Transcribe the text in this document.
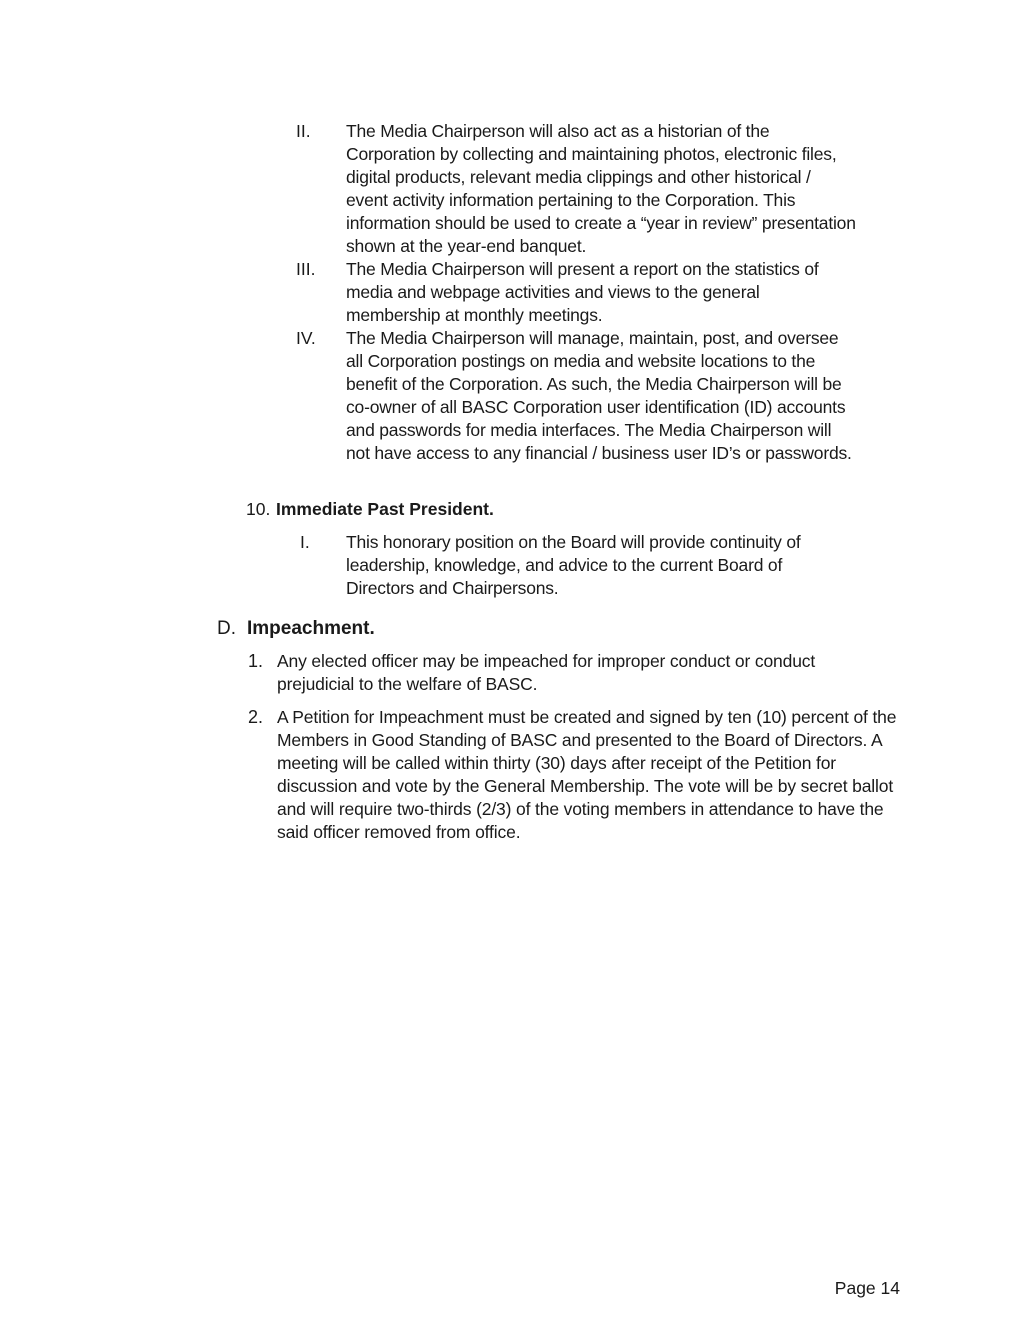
II.	The Media Chairperson will also act as a historian of the Corporation by collecting and maintaining photos, electronic files, digital products, relevant media clippings and other historical / event activity information pertaining to the Corporation. This information should be used to create a “year in review” presentation shown at the year-end banquet.
III.	The Media Chairperson will present a report on the statistics of media and webpage activities and views to the general membership at monthly meetings.
IV.	The Media Chairperson will manage, maintain, post, and oversee all Corporation postings on media and website locations to the benefit of the Corporation. As such, the Media Chairperson will be co-owner of all BASC Corporation user identification (ID) accounts and passwords for media interfaces. The Media Chairperson will not have access to any financial / business user ID’s or passwords.
10. Immediate Past President.
I.	This honorary position on the Board will provide continuity of leadership, knowledge, and advice to the current Board of Directors and Chairpersons.
D. Impeachment.
1. Any elected officer may be impeached for improper conduct or conduct prejudicial to the welfare of BASC.
2. A Petition for Impeachment must be created and signed by ten (10) percent of the Members in Good Standing of BASC and presented to the Board of Directors. A meeting will be called within thirty (30) days after receipt of the Petition for discussion and vote by the General Membership. The vote will be by secret ballot and will require two-thirds (2/3) of the voting members in attendance to have the said officer removed from office.
Page 14
